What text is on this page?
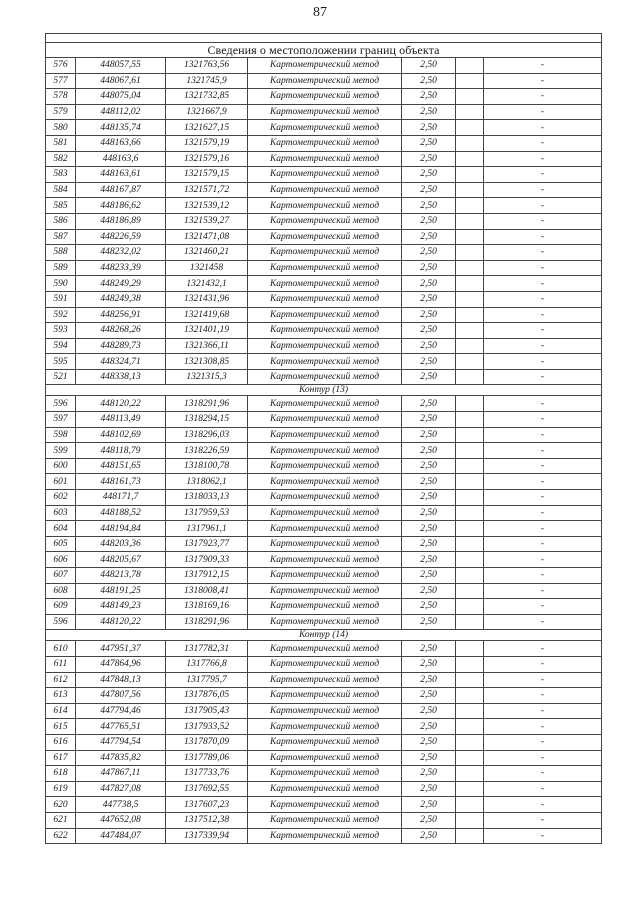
87

Сведения о местоположении границ объекта						
576	448057,55	1321763,56	Картометрический метод	2,50		-
577	448067,61	1321745,9	Картометрический метод	2,50		-
578	448075,04	1321732,85	Картометрический метод	2,50		-
579	448112,02	1321667,9	Картометрический метод	2,50		-
580	448135,74	1321627,15	Картометрический метод	2,50		-
581	448163,66	1321579,19	Картометрический метод	2,50		-
582	448163,6	1321579,16	Картометрический метод	2,50		-
583	448163,61	1321579,15	Картометрический метод	2,50		-
584	448167,87	1321571,72	Картометрический метод	2,50		-
585	448186,62	1321539,12	Картометрический метод	2,50		-
586	448186,89	1321539,27	Картометрический метод	2,50		-
587	448226,59	1321471,08	Картометрический метод	2,50		-
588	448232,02	1321460,21	Картометрический метод	2,50		-
589	448233,39	1321458	Картометрический метод	2,50		-
590	448249,29	1321432,1	Картометрический метод	2,50		-
591	448249,38	1321431,96	Картометрический метод	2,50		-
592	448256,91	1321419,68	Картометрический метод	2,50		-
593	448268,26	1321401,19	Картометрический метод	2,50		-
594	448289,73	1321366,11	Картометрический метод	2,50		-
595	448324,71	1321308,85	Картометрический метод	2,50		-
521	448338,13	1321315,3	Картометрический метод	2,50		-
Контур (13)						
596	448120,22	1318291,96	Картометрический метод	2,50		-
597	448113,49	1318294,15	Картометрический метод	2,50		-
598	448102,69	1318296,03	Картометрический метод	2,50		-
599	448118,79	1318226,59	Картометрический метод	2,50		-
600	448151,65	1318100,78	Картометрический метод	2,50		-
601	448161,73	1318062,1	Картометрический метод	2,50		-
602	448171,7	1318033,13	Картометрический метод	2,50		-
603	448188,52	1317959,53	Картометрический метод	2,50		-
604	448194,84	1317961,1	Картометрический метод	2,50		-
605	448203,36	1317923,77	Картометрический метод	2,50		-
606	448205,67	1317909,33	Картометрический метод	2,50		-
607	448213,78	1317912,15	Картометрический метод	2,50		-
608	448191,25	1318008,41	Картометрический метод	2,50		-
609	448149,23	1318169,16	Картометрический метод	2,50		-
596	448120,22	1318291,96	Картометрический метод	2,50		-
Контур (14)						
610	447951,37	1317782,31	Картометрический метод	2,50		-
611	447864,96	1317766,8	Картометрический метод	2,50		-
612	447848,13	1317795,7	Картометрический метод	2,50		-
613	447807,56	1317876,05	Картометрический метод	2,50		-
614	447794,46	1317905,43	Картометрический метод	2,50		-
615	447765,51	1317933,52	Картометрический метод	2,50		-
616	447794,54	1317870,09	Картометрический метод	2,50		-
617	447835,82	1317789,06	Картометрический метод	2,50		-
618	447867,11	1317733,76	Картометрический метод	2,50		-
619	447827,08	1317692,55	Картометрический метод	2,50		-
620	447738,5	1317607,23	Картометрический метод	2,50		-
621	447652,08	1317512,38	Картометрический метод	2,50		-
622	447484,07	1317339,94	Картометрический метод	2,50		-
